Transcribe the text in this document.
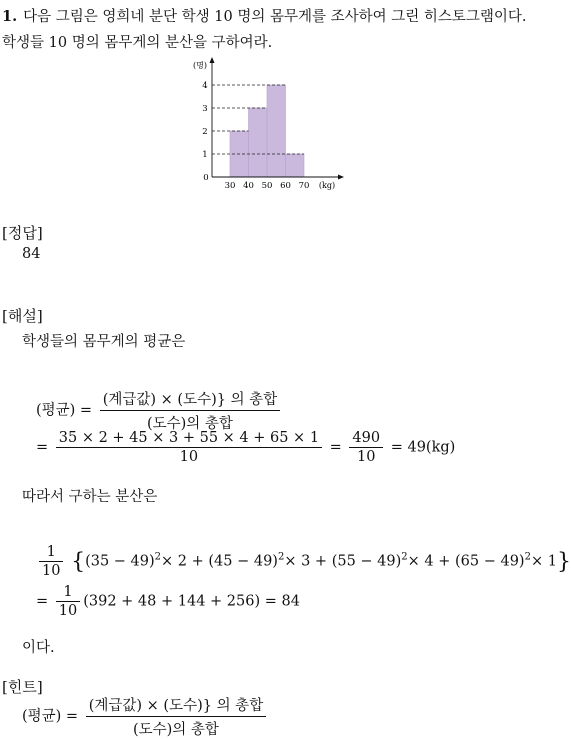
1. 다음 그림은 영희네 분단 학생 10 명의 몸무게를 조사하여 그린 히스토그램이다. 학생들 10 명의 몸무게의 분산을 구하여라.
1
2
3
4
30 40 50 60 70
0
(명)
(kg)
[정답]
84
[해설]
학생들의 몸무게의 평균은
(평균) = $\frac{\text{(계급값) × (도수)\} 의 총합}}{\text{(도수)의 총합}}$
= $\frac{35 \times 2 + 45 \times 3 + 55 \times 4 + 65 \times 1}{10} = \frac{490}{10} = 49(kg)$
따라서 구하는 분산은
$\frac{1}{10} \{(35 - 49)^2\times 2 + (45 - 49)^2\times 3 + (55 - 49)^2\times 4 + (65 - 49)^2\times 1\}$
= $\frac{1}{10} (392 + 48 + 144 + 256) = 84$
이다.
[힌트]
(평균) = $\frac{\text{(계급값) × (도수)\} 의 총합}}{\text{(도수)의 총합}}$
